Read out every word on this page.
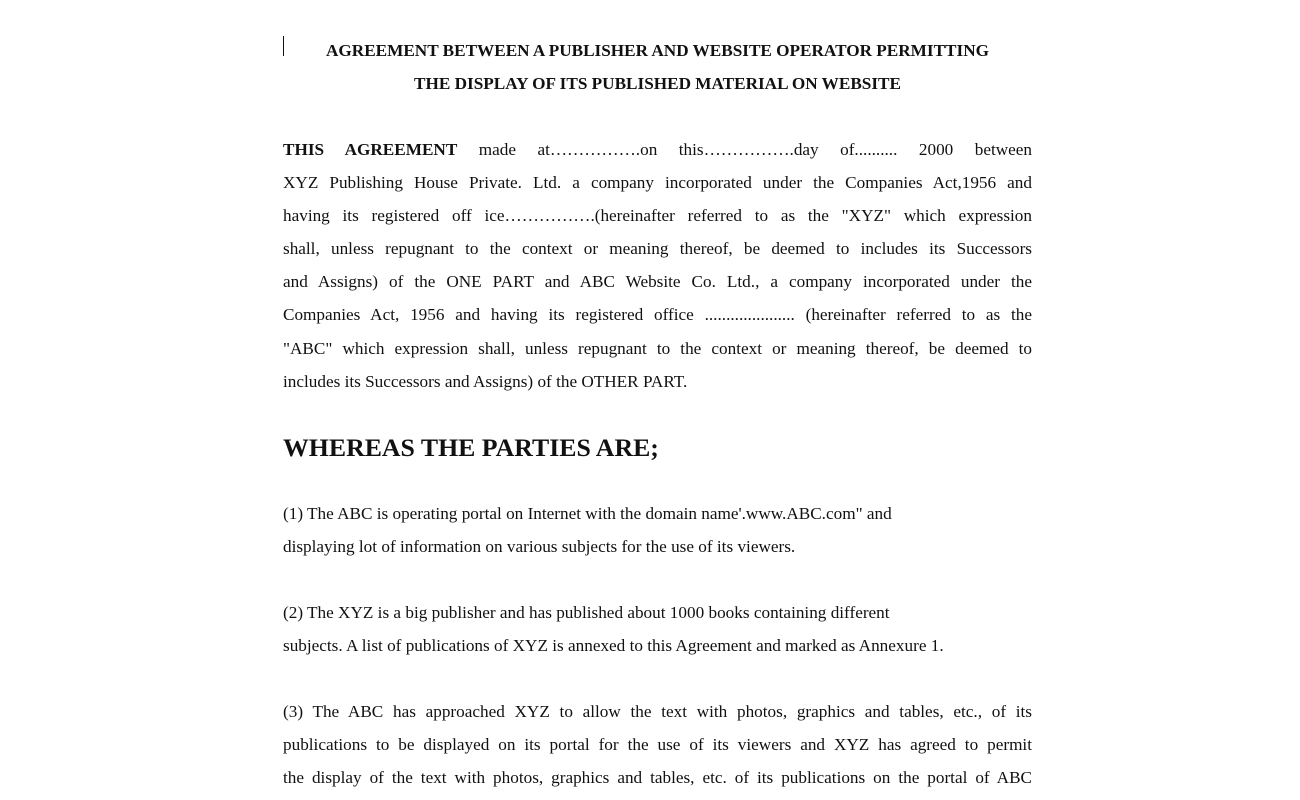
AGREEMENT BETWEEN A PUBLISHER AND WEBSITE OPERATOR PERMITTING
THE DISPLAY OF ITS PUBLISHED MATERIAL ON WEBSITE

THIS AGREEMENT made at…………….on this…………….day of.......... 2000 between
XYZ Publishing House Private. Ltd. a company incorporated under the Companies Act,1956 and
having its registered off ice…………….(hereinafter referred to as the "XYZ" which expression
shall, unless repugnant to the context or meaning thereof, be deemed to includes its Successors
and Assigns) of the ONE PART and ABC Website Co. Ltd., a company incorporated under the
Companies Act, 1956 and having its registered office ..................... (hereinafter referred to as the
"ABC" which expression shall, unless repugnant to the context or meaning thereof, be deemed to
includes its Successors and Assigns) of the OTHER PART.

WHEREAS THE PARTIES ARE;

(1) The ABC is operating portal on Internet with the domain name'.www.ABC.com" and
displaying lot of information on various subjects for the use of its viewers.

(2) The XYZ is a big publisher and has published about 1000 books containing different
subjects. A list of publications of XYZ is annexed to this Agreement and marked as Annexure 1.

(3) The ABC has approached XYZ to allow the text with photos, graphics and tables, etc., of its
publications to be displayed on its portal for the use of its viewers and XYZ has agreed to permit
the display of the text with photos, graphics and tables, etc. of its publications on the portal of ABC
